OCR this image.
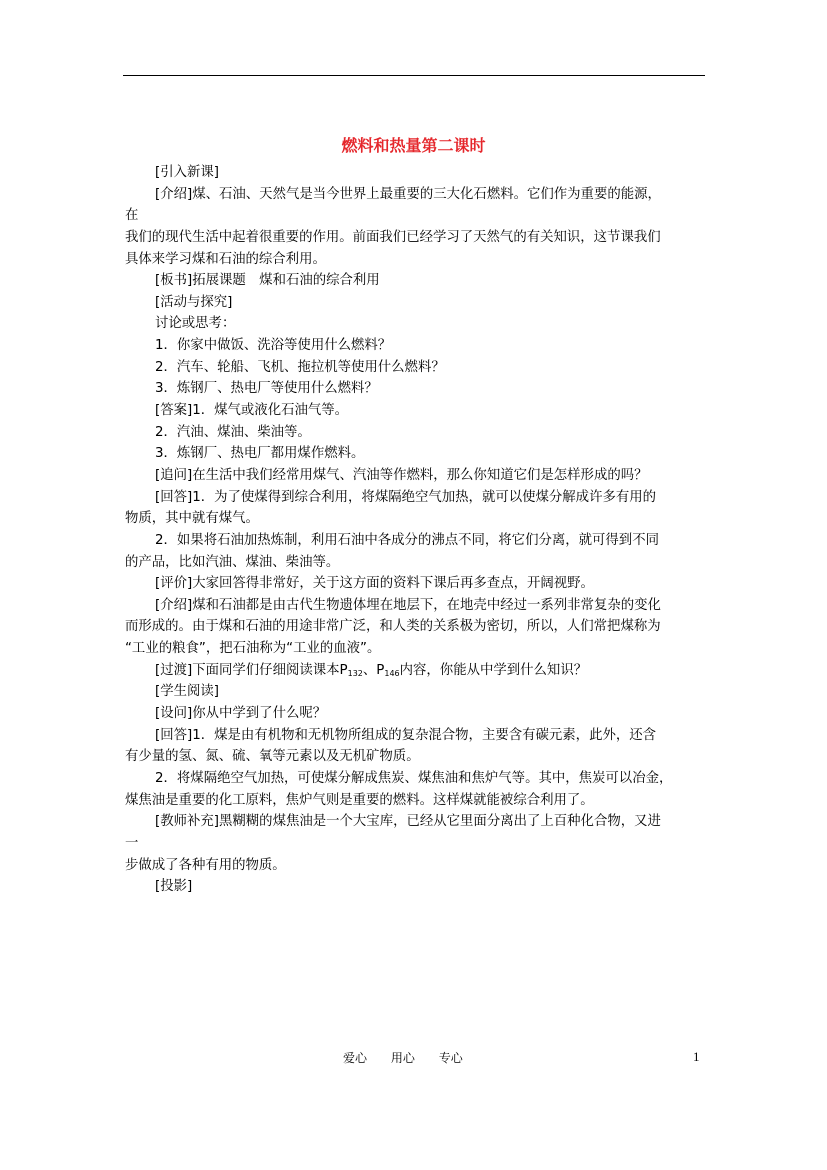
燃料和热量第二课时
[引入新课]
[介绍]煤、石油、天然气是当今世界上最重要的三大化石燃料。它们作为重要的能源，
在
我们的现代生活中起着很重要的作用。前面我们已经学习了天然气的有关知识，这节课我们
具体来学习煤和石油的综合利用。
[板书]拓展课题　煤和石油的综合利用
[活动与探究]
讨论或思考：
1．你家中做饭、洗浴等使用什么燃料？
2．汽车、轮船、飞机、拖拉机等使用什么燃料？
3．炼钢厂、热电厂等使用什么燃料？
[答案]1．煤气或液化石油气等。
2．汽油、煤油、柴油等。
3．炼钢厂、热电厂都用煤作燃料。
[追问]在生活中我们经常用煤气、汽油等作燃料，那么你知道它们是怎样形成的吗？
[回答]1．为了使煤得到综合利用，将煤隔绝空气加热，就可以使煤分解成许多有用的
物质，其中就有煤气。
2．如果将石油加热炼制，利用石油中各成分的沸点不同，将它们分离，就可得到不同
的产品，比如汽油、煤油、柴油等。
[评价]大家回答得非常好，关于这方面的资料下课后再多查点，开阔视野。
[介绍]煤和石油都是由古代生物遗体埋在地层下，在地壳中经过一系列非常复杂的变化
而形成的。由于煤和石油的用途非常广泛，和人类的关系极为密切，所以，人们常把煤称为
“工业的粮食”，把石油称为“工业的血液”。
[过渡]下面同学们仔细阅读课本$P_{132}$、$P_{146}$内容，你能从中学到什么知识？
[学生阅读]
[设问]你从中学到了什么呢？
[回答]1．煤是由有机物和无机物所组成的复杂混合物，主要含有碳元素，此外，还含
有少量的氢、氮、硫、氧等元素以及无机矿物质。
2．将煤隔绝空气加热，可使煤分解成焦炭、煤焦油和焦炉气等。其中，焦炭可以冶金，
煤焦油是重要的化工原料，焦炉气则是重要的燃料。这样煤就能被综合利用了。
[教师补充]黑糊糊的煤焦油是一个大宝库，已经从它里面分离出了上百种化合物，又进
一
步做成了各种有用的物质。
[投影]
爱心 用心 专心	1
